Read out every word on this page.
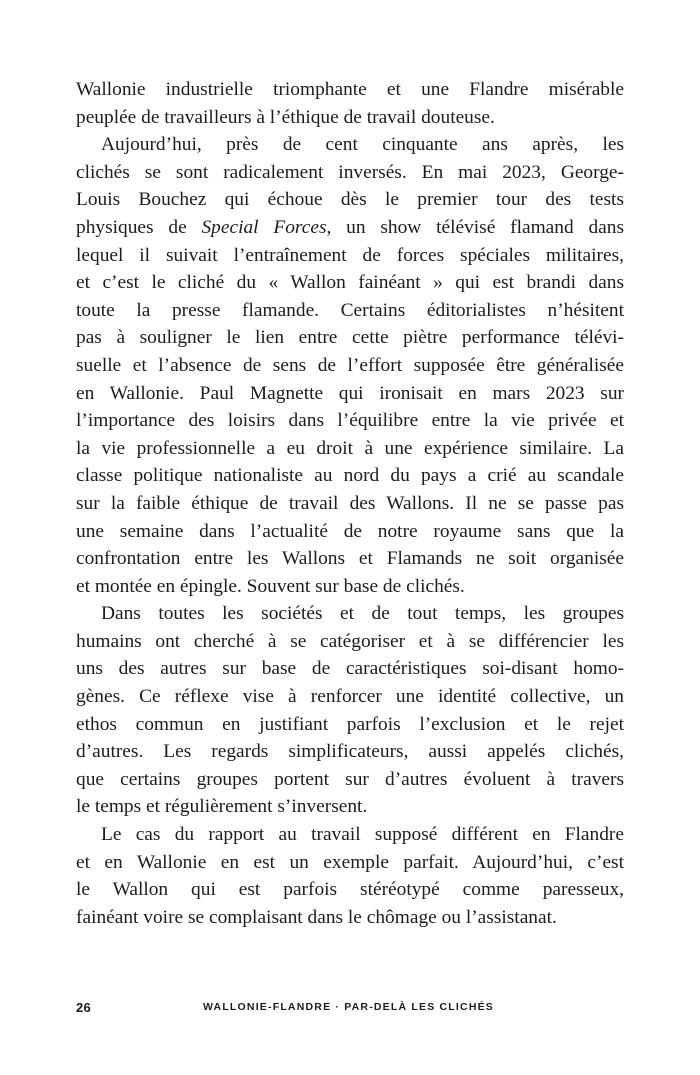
Wallonie industrielle triomphante et une Flandre misérable
peuplée de travailleurs à l’éthique de travail douteuse.

Aujourd’hui, près de cent cinquante ans après, les
clichés se sont radicalement inversés. En mai 2023, George-
Louis Bouchez qui échoue dès le premier tour des tests
physiques de Special Forces, un show télévisé flamand dans
lequel il suivait l’entraînement de forces spéciales militaires,
et c’est le cliché du « Wallon fainéant » qui est brandi dans
toute la presse flamande. Certains éditorialistes n’hésitent
pas à souligner le lien entre cette piètre performance télévi-
suelle et l’absence de sens de l’effort supposée être généralisée
en Wallonie. Paul Magnette qui ironisait en mars 2023 sur
l’importance des loisirs dans l’équilibre entre la vie privée et
la vie professionnelle a eu droit à une expérience similaire. La
classe politique nationaliste au nord du pays a crié au scandale
sur la faible éthique de travail des Wallons. Il ne se passe pas
une semaine dans l’actualité de notre royaume sans que la
confrontation entre les Wallons et Flamands ne soit organisée
et montée en épingle. Souvent sur base de clichés.

Dans toutes les sociétés et de tout temps, les groupes
humains ont cherché à se catégoriser et à se différencier les
uns des autres sur base de caractéristiques soi-disant homo-
gènes. Ce réflexe vise à renforcer une identité collective, un
ethos commun en justifiant parfois l’exclusion et le rejet
d’autres. Les regards simplificateurs, aussi appelés clichés,
que certains groupes portent sur d’autres évoluent à travers
le temps et régulièrement s’inversent.

Le cas du rapport au travail supposé différent en Flandre
et en Wallonie en est un exemple parfait. Aujourd’hui, c’est
le Wallon qui est parfois stéréotypé comme paresseux,
fainéant voire se complaisant dans le chômage ou l’assistanat.

26	WALLONIE-FLANDRE · PAR-DELÀ LES CLICHÉS
